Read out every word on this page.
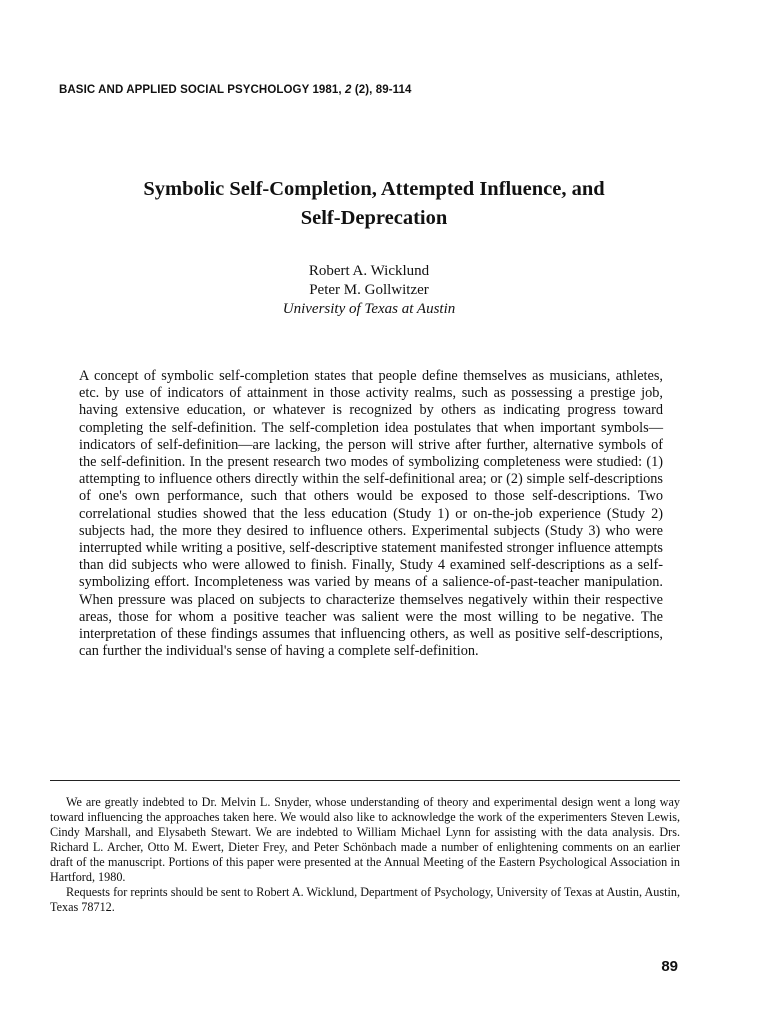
BASIC AND APPLIED SOCIAL PSYCHOLOGY 1981, 2 (2), 89-114
Symbolic Self-Completion, Attempted Influence, and
Self-Deprecation
Robert A. Wicklund
Peter M. Gollwitzer
University of Texas at Austin
A concept of symbolic self-completion states that people define themselves as musicians, athletes, etc. by use of indicators of attainment in those activity realms, such as possessing a prestige job, having extensive education, or whatever is recognized by others as indicating progress toward completing the self-definition. The self-completion idea postulates that when important symbols—indicators of self-definition—are lacking, the person will strive after further, alternative symbols of the self-definition. In the present research two modes of symbolizing completeness were studied: (1) attempting to influence others directly within the self-definitional area; or (2) simple self-descriptions of one's own performance, such that others would be exposed to those self-descriptions. Two correlational studies showed that the less education (Study 1) or on-the-job experience (Study 2) subjects had, the more they desired to influence others. Experimental subjects (Study 3) who were interrupted while writing a positive, self-descriptive statement manifested stronger influence attempts than did subjects who were allowed to finish. Finally, Study 4 examined self-descriptions as a self-symbolizing effort. Incompleteness was varied by means of a salience-of-past-teacher manipulation. When pressure was placed on subjects to characterize themselves negatively within their respective areas, those for whom a positive teacher was salient were the most willing to be negative. The interpretation of these findings assumes that influencing others, as well as positive self-descriptions, can further the individual's sense of having a complete self-definition.

We are greatly indebted to Dr. Melvin L. Snyder, whose understanding of theory and experimental design went a long way toward influencing the approaches taken here. We would also like to acknowledge the work of the experimenters Steven Lewis, Cindy Marshall, and Elysabeth Stewart. We are indebted to William Michael Lynn for assisting with the data analysis. Drs. Richard L. Archer, Otto M. Ewert, Dieter Frey, and Peter Schönbach made a number of enlightening comments on an earlier draft of the manuscript. Portions of this paper were presented at the Annual Meeting of the Eastern Psychological Association in Hartford, 1980.

Requests for reprints should be sent to Robert A. Wicklund, Department of Psychology, University of Texas at Austin, Austin, Texas 78712.

89
